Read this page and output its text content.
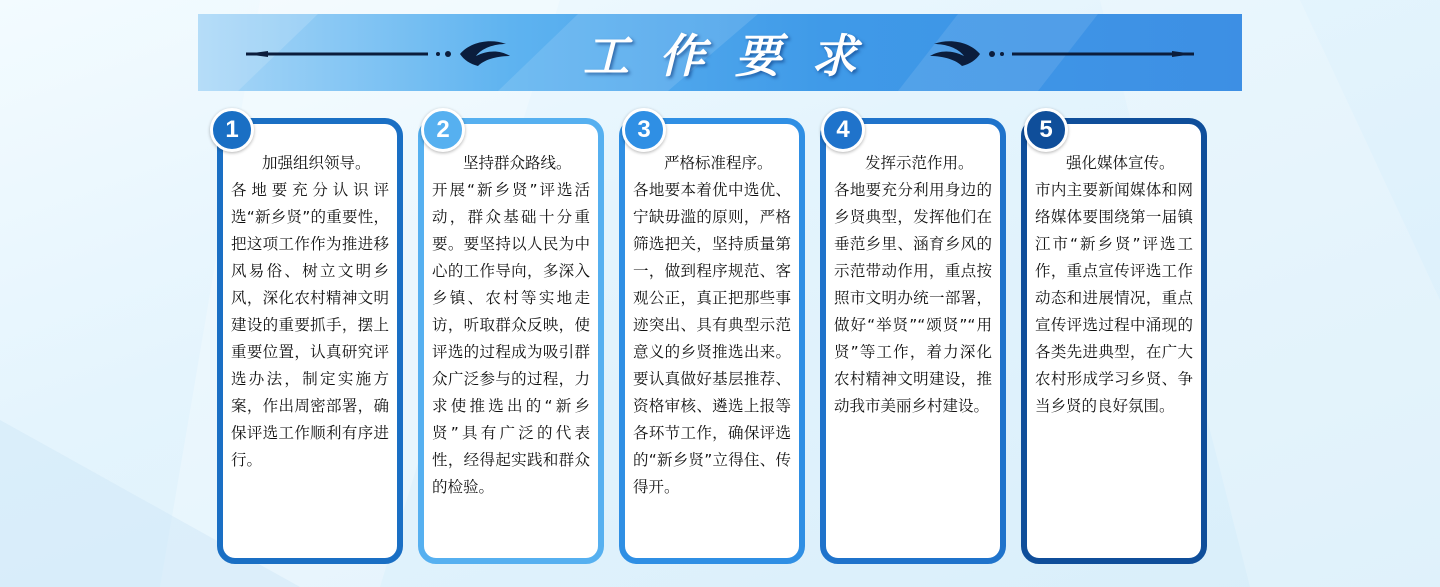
工作要求
加强组织领导。
各地要充分认识评选“新乡贤”的重要性，把这项工作作为推进移风易俗、树立文明乡风，深化农村精神文明建设的重要抓手，摆上重要位置，认真研究评选办法，制定实施方案，作出周密部署，确保评选工作顺利有序进行。
1
坚持群众路线。
开展“新乡贤”评选活动，群众基础十分重要。要坚持以人民为中心的工作导向，多深入乡镇、农村等实地走访，听取群众反映，使评选的过程成为吸引群众广泛参与的过程，力求使推选出的“新乡贤”具有广泛的代表性，经得起实践和群众的检验。
2
严格标准程序。
各地要本着优中选优、宁缺毋滥的原则，严格筛选把关，坚持质量第一，做到程序规范、客观公正，真正把那些事迹突出、具有典型示范意义的乡贤推选出来。要认真做好基层推荐、资格审核、遴选上报等各环节工作，确保评选的“新乡贤”立得住、传得开。
3
发挥示范作用。
各地要充分利用身边的乡贤典型，发挥他们在垂范乡里、涵育乡风的示范带动作用，重点按照市文明办统一部署，做好“举贤”“颂贤”“用贤”等工作，着力深化农村精神文明建设，推动我市美丽乡村建设。
4
强化媒体宣传。
市内主要新闻媒体和网络媒体要围绕第一届镇江市“新乡贤”评选工作，重点宣传评选工作动态和进展情况，重点宣传评选过程中涌现的各类先进典型，在广大农村形成学习乡贤、争当乡贤的良好氛围。
5
